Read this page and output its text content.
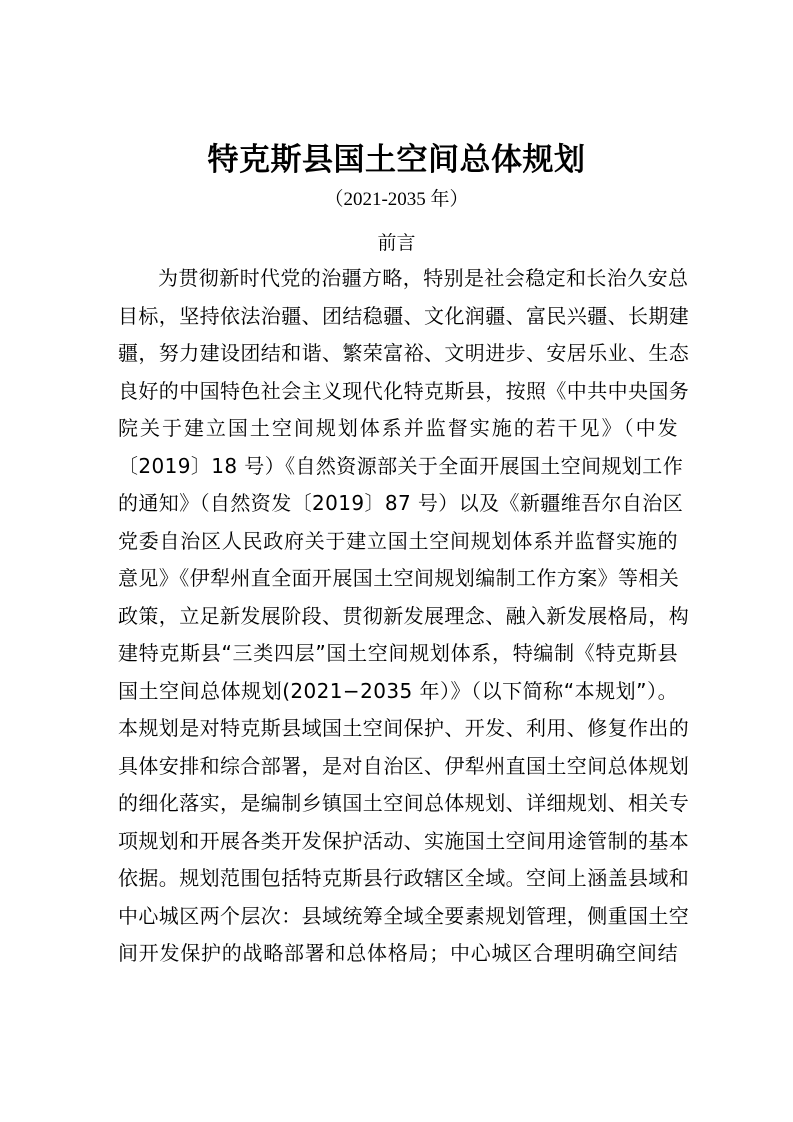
特克斯县国土空间总体规划
（2021-2035 年）
前言
为贯彻新时代党的治疆方略，特别是社会稳定和长治久安总
目标，坚持依法治疆、团结稳疆、文化润疆、富民兴疆、长期建
疆，努力建设团结和谐、繁荣富裕、文明进步、安居乐业、生态
良好的中国特色社会主义现代化特克斯县，按照《中共中央国务
院关于建立国土空间规划体系并监督实施的若干见》（中发
〔2019〕18 号）《自然资源部关于全面开展国土空间规划工作
的通知》（自然资发〔2019〕87 号）以及《新疆维吾尔自治区
党委自治区人民政府关于建立国土空间规划体系并监督实施的
意见》《伊犁州直全面开展国土空间规划编制工作方案》等相关
政策，立足新发展阶段、贯彻新发展理念、融入新发展格局，构
建特克斯县“三类四层”国土空间规划体系，特编制《特克斯县
国土空间总体规划(2021−2035 年）》（以下简称“本规划”）。
本规划是对特克斯县域国土空间保护、开发、利用、修复作出的
具体安排和综合部署，是对自治区、伊犁州直国土空间总体规划
的细化落实，是编制乡镇国土空间总体规划、详细规划、相关专
项规划和开展各类开发保护活动、实施国土空间用途管制的基本
依据。规划范围包括特克斯县行政辖区全域。空间上涵盖县域和
中心城区两个层次：县域统筹全域全要素规划管理，侧重国土空
间开发保护的战略部署和总体格局；中心城区合理明确空间结
